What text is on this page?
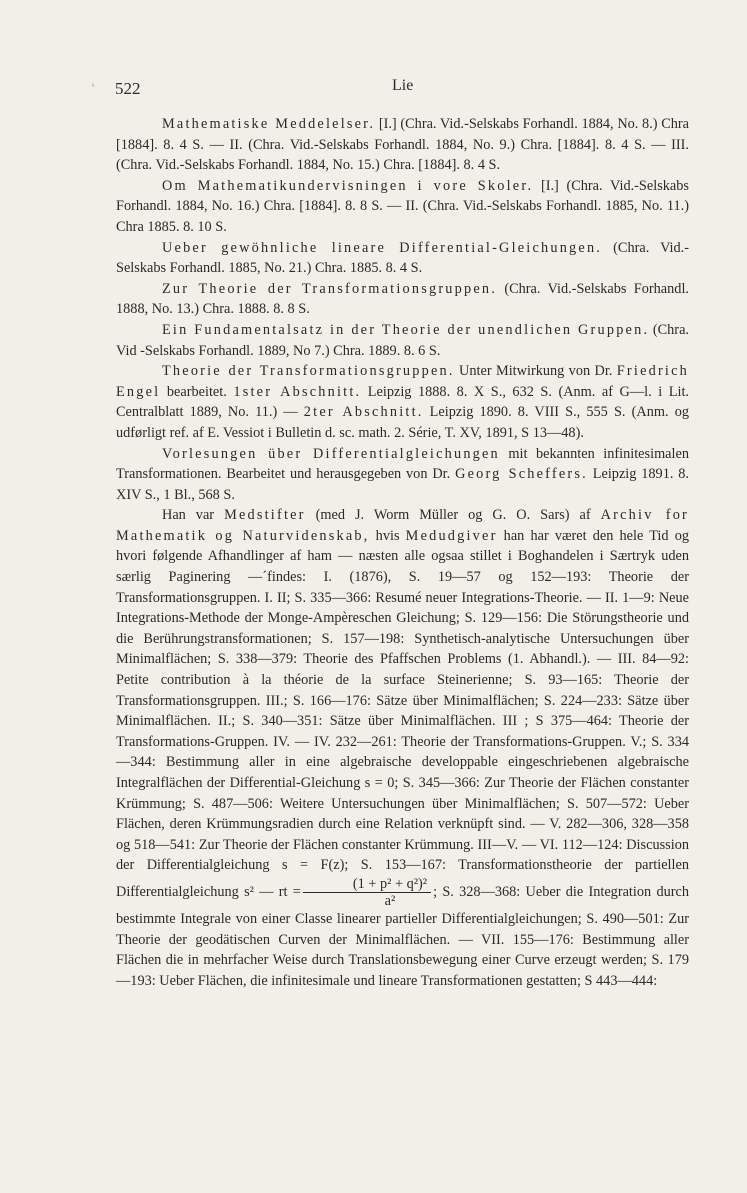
‘ 522	Lie

Mathematiske Meddelelser. [I.] (Chra. Vid.-Selskabs Forhandl. 1884, No. 8.) Chra [1884]. 8. 4 S. — II. (Chra. Vid.-Selskabs Forhandl. 1884, No. 9.) Chra. [1884]. 8. 4 S. — III. (Chra. Vid.-Selskabs Forhandl. 1884, No. 15.) Chra. [1884]. 8. 4 S.

Om Mathematikundervisningen i vore Skoler. [I.] (Chra. Vid.-Selskabs Forhandl. 1884, No. 16.) Chra. [1884]. 8. 8 S. — II. (Chra. Vid.-Selskabs Forhandl. 1885, No. 11.) Chra 1885. 8. 10 S.

Ueber gewöhnliche lineare Differential-Gleichungen. (Chra. Vid.-Selskabs Forhandl. 1885, No. 21.) Chra. 1885. 8. 4 S.

Zur Theorie der Transformationsgruppen. (Chra. Vid.-Selskabs Forhandl. 1888, No. 13.) Chra. 1888. 8. 8 S.

Ein Fundamentalsatz in der Theorie der unendlichen Gruppen. (Chra. Vid -Selskabs Forhandl. 1889, No 7.) Chra. 1889. 8. 6 S.

Theorie der Transformationsgruppen. Unter Mitwirkung von Dr. Friedrich Engel bearbeitet. 1ster Abschnitt. Leipzig 1888. 8. X S., 632 S. (Anm. af G—l. i Lit. Centralblatt 1889, No. 11.) — 2ter Abschnitt. Leipzig 1890. 8. VIII S., 555 S. (Anm. og udførligt ref. af E. Vessiot i Bulletin d. sc. math. 2. Série, T. XV, 1891, S 13—48).

Vorlesungen über Differentialgleichungen mit bekannten infinitesimalen Transformationen. Bearbeitet und herausgegeben von Dr. Georg Scheffers. Leipzig 1891. 8. XIV S., 1 Bl., 568 S.

Han var Medstifter (med J. Worm Müller og G. O. Sars) af Archiv for Mathematik og Naturvidenskab, hvis Medudgiver han har været den hele Tid og hvori følgende Afhandlinger af ham — næsten alle ogsaa stillet i Boghandelen i Særtryk uden særlig Paginering —´findes: I. (1876), S. 19—57 og 152—193: Theorie der Transformationsgruppen. I. II; S. 335—366: Resumé neuer Integrations-Theorie. — II. 1—9: Neue Integrations-Methode der Monge-Ampèreschen Gleichung; S. 129—156: Die Störungstheorie und die Berührungstransformationen; S. 157—198: Synthetisch-analytische Untersuchungen über Minimalflächen; S. 338—379: Theorie des Pfaffschen Problems (1. Abhandl.). — III. 84—92: Petite contribution à la théorie de la surface Steinerienne; S. 93—165: Theorie der Transformationsgruppen. III.; S. 166—176: Sätze über Minimalflächen; S. 224—233: Sätze über Minimalflächen. II.; S. 340—351: Sätze über Minimalflächen. III ; S 375—464: Theorie der Transformations-Gruppen. IV. — IV. 232—261: Theorie der Transformations-Gruppen. V.; S. 334—344: Bestimmung aller in eine algebraische developpable eingeschriebenen algebraische Integralflächen der Differential-Gleichung s = 0; S. 345—366: Zur Theorie der Flächen constanter Krümmung; S. 487—506: Weitere Untersuchungen über Minimalflächen; S. 507—572: Ueber Flächen, deren Krümmungsradien durch eine Relation verknüpft sind. — V. 282—306, 328—358 og 518—541: Zur Theorie der Flächen constanter Krümmung. III—V. — VI. 112—124: Discussion der Differentialgleichung s = F(z); S. 153—167: Transformationstheorie der partiellen Differentialgleichung s² — rt = $\frac{\text{(1 + p² + q²)²}}{\text{a²}}$ ; S. 328—368: Ueber die Integration durch bestimmte Integrale von einer Classe linearer partieller Differentialgleichungen; S. 490—501: Zur Theorie der geodätischen Curven der Minimalflächen. — VII. 155—176: Bestimmung aller Flächen die in mehrfacher Weise durch Translationsbewegung einer Curve erzeugt werden; S. 179—193: Ueber Flächen, die infinitesimale und lineare Transformationen gestatten; S 443—444:
